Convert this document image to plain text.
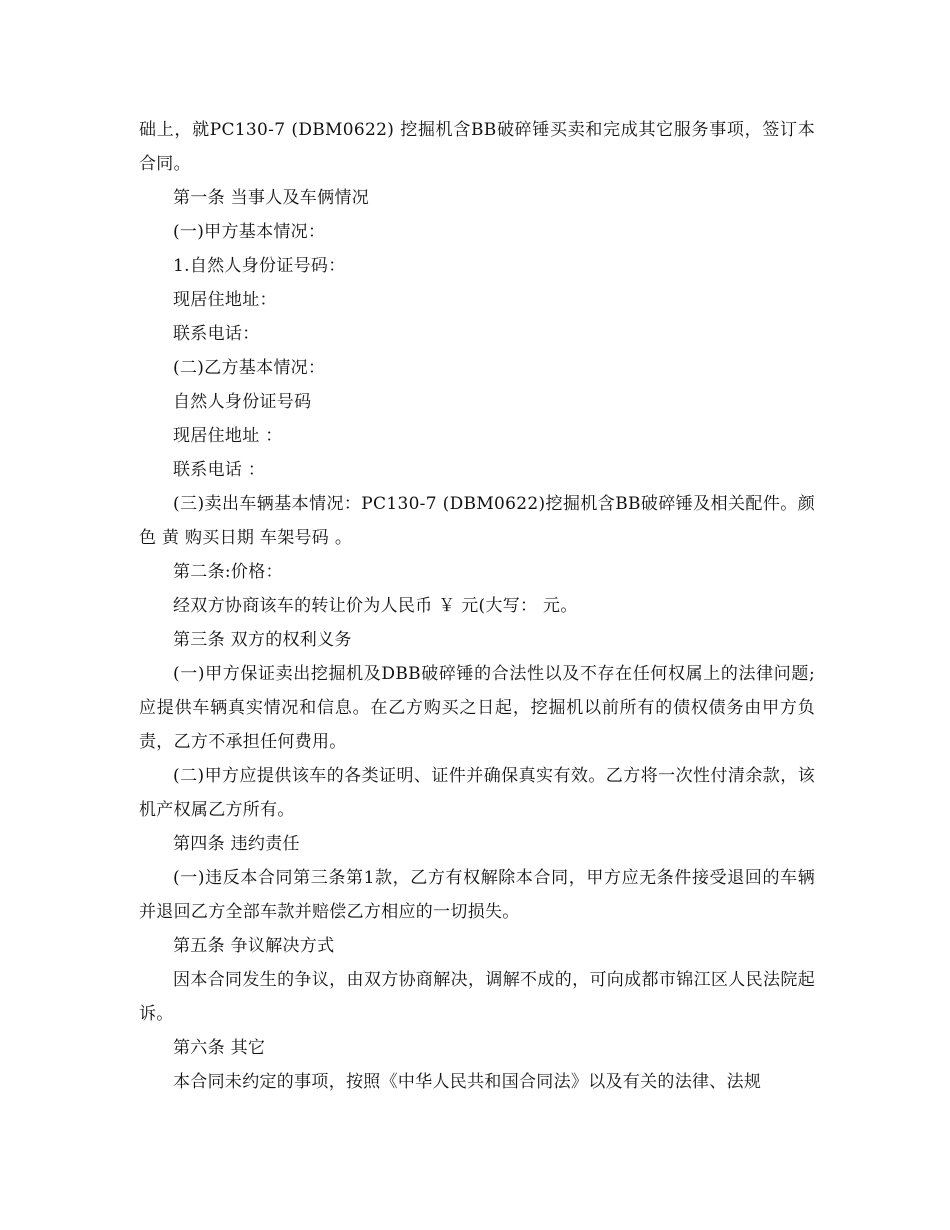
础上，就PC130-7 (DBM0622) 挖掘机含BB破碎锤买卖和完成其它服务事项，签订本合同。

第一条 当事人及车俩情况

(一)甲方基本情况：

1.自然人身份证号码：

现居住地址：

联系电话：

(二)乙方基本情况：

自然人身份证号码

现居住地址 ：

联系电话 ：

(三)卖出车辆基本情况：PC130-7 (DBM0622)挖掘机含BB破碎锤及相关配件。颜 色 黄 购买日期 车架号码 。

第二条:价格：

经双方协商该车的转让价为人民币 ￥ 元(大写： 元。

第三条 双方的权利义务

(一)甲方保证卖出挖掘机及DBB破碎锤的合法性以及不存在任何权属上的法律问题;应提供车辆真实情况和信息。在乙方购买之日起，挖掘机以前所有的债权债务由甲方负责，乙方不承担任何费用。

(二)甲方应提供该车的各类证明、证件并确保真实有效。乙方将一次性付清余款，该机产权属乙方所有。

第四条 违约责任

(一)违反本合同第三条第1款，乙方有权解除本合同，甲方应无条件接受退回的车辆并退回乙方全部车款并赔偿乙方相应的一切损失。

第五条 争议解决方式

因本合同发生的争议，由双方协商解决，调解不成的，可向成都市锦江区人民法院起诉。

第六条 其它

本合同未约定的事项，按照《中华人民共和国合同法》以及有关的法律、法规
